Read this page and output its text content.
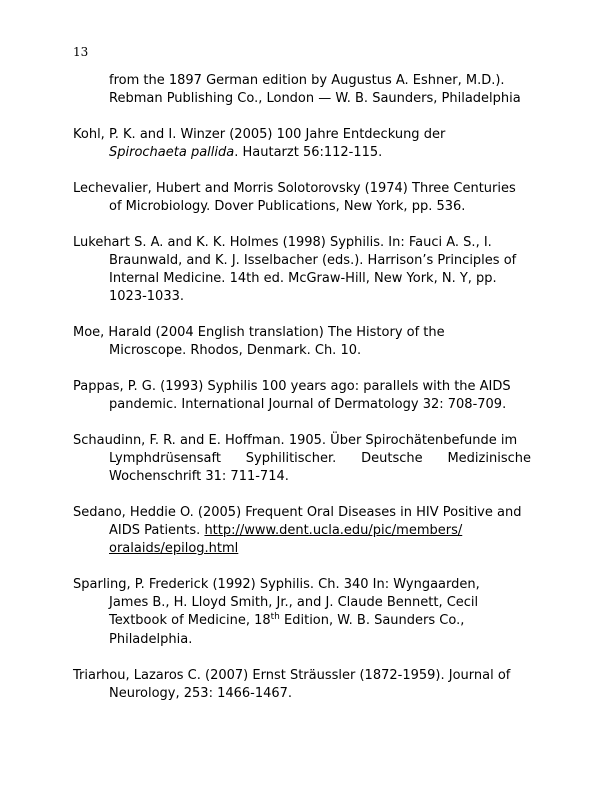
13
from the 1897 German edition by Augustus A. Eshner, M.D.).
Rebman Publishing Co., London — W. B. Saunders, Philadelphia
Kohl, P. K. and I. Winzer (2005) 100 Jahre Entdeckung der
Spirochaeta pallida. Hautarzt 56:112-115.
Lechevalier, Hubert and Morris Solotorovsky (1974) Three Centuries
of Microbiology. Dover Publications, New York, pp. 536.
Lukehart S. A. and K. K. Holmes (1998) Syphilis. In: Fauci A. S., I.
Braunwald, and K. J. Isselbacher (eds.). Harrison’s Principles of
Internal Medicine. 14th ed. McGraw-Hill, New York, N. Y, pp.
1023-1033.
Moe, Harald (2004 English translation) The History of the
Microscope. Rhodos, Denmark. Ch. 10.
Pappas, P. G. (1993) Syphilis 100 years ago: parallels with the AIDS
pandemic. International Journal of Dermatology 32: 708-709.
Schaudinn, F. R. and E. Hoffman. 1905. Über Spirochätenbefunde im
Lymphdrüsensaft Syphilitischer. Deutsche Medizinische
Wochenschrift 31: 711-714.
Sedano, Heddie O. (2005) Frequent Oral Diseases in HIV Positive and
AIDS Patients. http://www.dent.ucla.edu/pic/members/
oralaids/epilog.html
Sparling, P. Frederick (1992) Syphilis. Ch. 340 In: Wyngaarden,
James B., H. Lloyd Smith, Jr., and J. Claude Bennett, Cecil
Textbook of Medicine, 18th Edition, W. B. Saunders Co.,
Philadelphia.
Triarhou, Lazaros C. (2007) Ernst Sträussler (1872-1959). Journal of
Neurology, 253: 1466-1467.
